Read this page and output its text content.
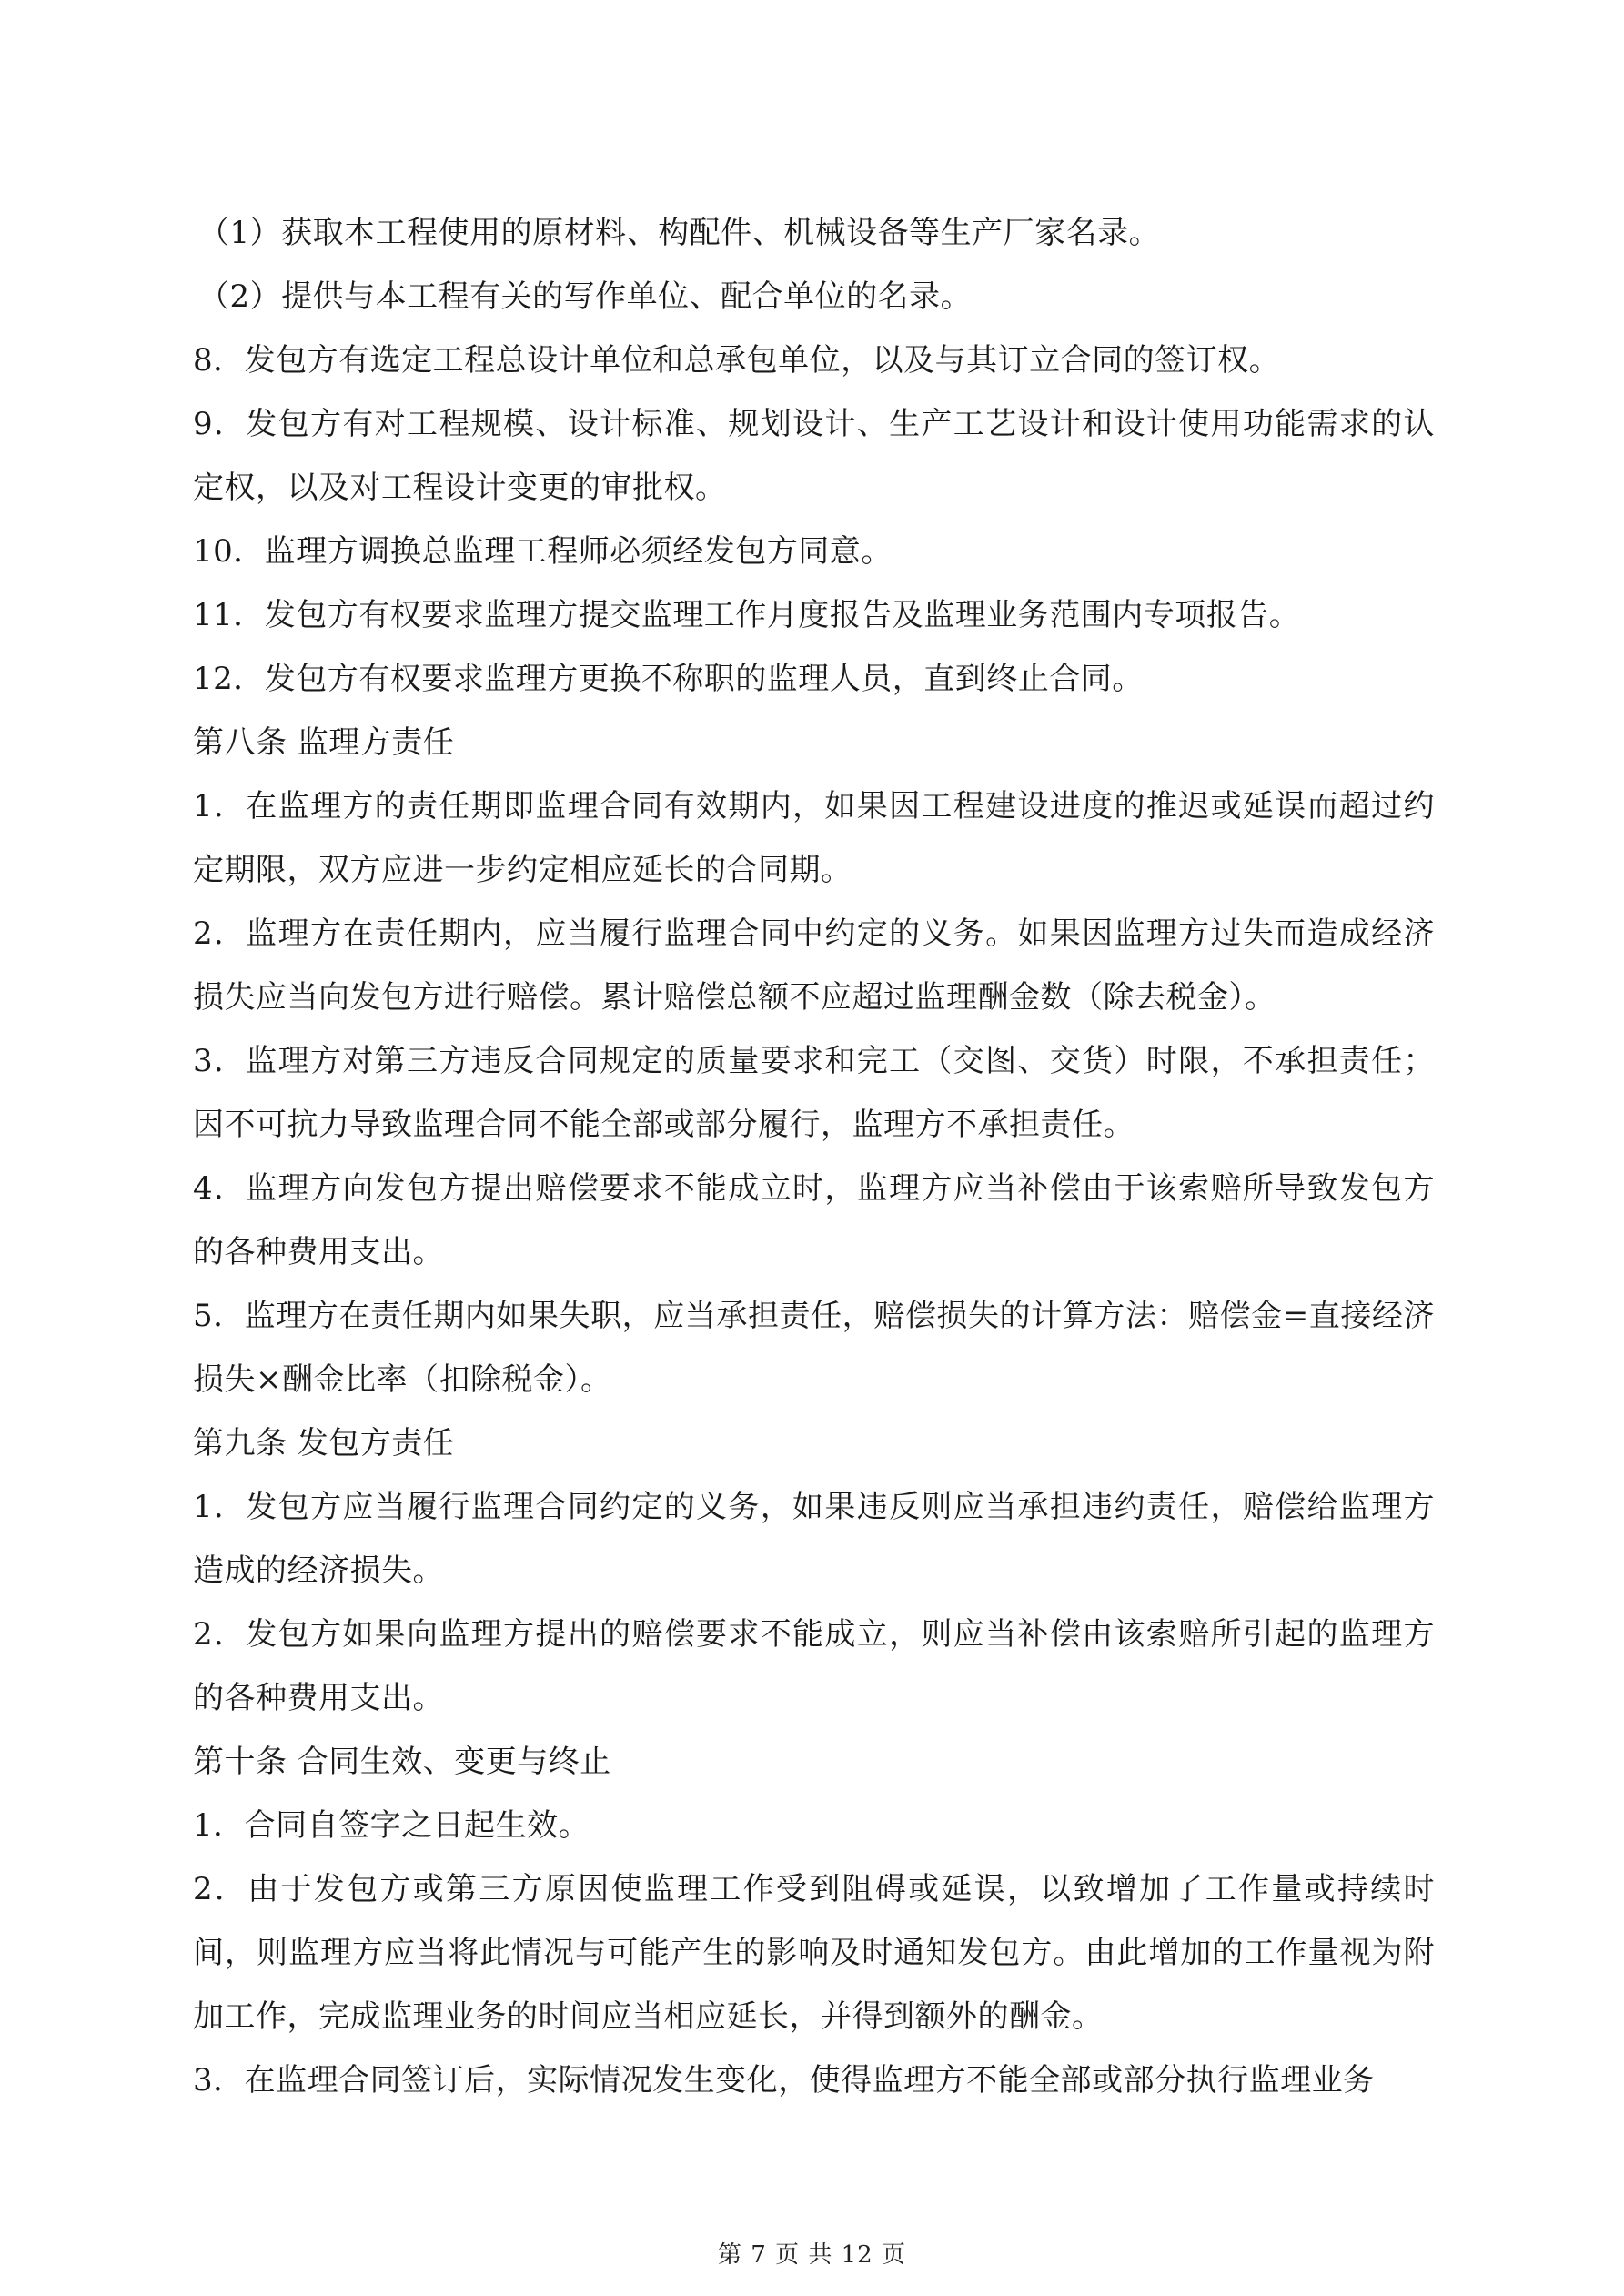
（1）获取本工程使用的原材料、构配件、机械设备等生产厂家名录。

（2）提供与本工程有关的写作单位、配合单位的名录。

8．发包方有选定工程总设计单位和总承包单位，以及与其订立合同的签订权。

9．发包方有对工程规模、设计标准、规划设计、生产工艺设计和设计使用功能需求的认定权，以及对工程设计变更的审批权。

10．监理方调换总监理工程师必须经发包方同意。

11．发包方有权要求监理方提交监理工作月度报告及监理业务范围内专项报告。

12．发包方有权要求监理方更换不称职的监理人员，直到终止合同。

第八条 监理方责任

1．在监理方的责任期即监理合同有效期内，如果因工程建设进度的推迟或延误而超过约定期限，双方应进一步约定相应延长的合同期。

2．监理方在责任期内，应当履行监理合同中约定的义务。如果因监理方过失而造成经济损失应当向发包方进行赔偿。累计赔偿总额不应超过监理酬金数（除去税金）。

3．监理方对第三方违反合同规定的质量要求和完工（交图、交货）时限，不承担责任；因不可抗力导致监理合同不能全部或部分履行，监理方不承担责任。

4．监理方向发包方提出赔偿要求不能成立时，监理方应当补偿由于该索赔所导致发包方的各种费用支出。

5．监理方在责任期内如果失职，应当承担责任，赔偿损失的计算方法：赔偿金=直接经济损失×酬金比率（扣除税金）。

第九条 发包方责任

1．发包方应当履行监理合同约定的义务，如果违反则应当承担违约责任，赔偿给监理方造成的经济损失。

2．发包方如果向监理方提出的赔偿要求不能成立，则应当补偿由该索赔所引起的监理方的各种费用支出。

第十条 合同生效、变更与终止

1．合同自签字之日起生效。

2．由于发包方或第三方原因使监理工作受到阻碍或延误，以致增加了工作量或持续时间，则监理方应当将此情况与可能产生的影响及时通知发包方。由此增加的工作量视为附加工作，完成监理业务的时间应当相应延长，并得到额外的酬金。

3．在监理合同签订后，实际情况发生变化，使得监理方不能全部或部分执行监理业务

第 7 页 共 12 页
